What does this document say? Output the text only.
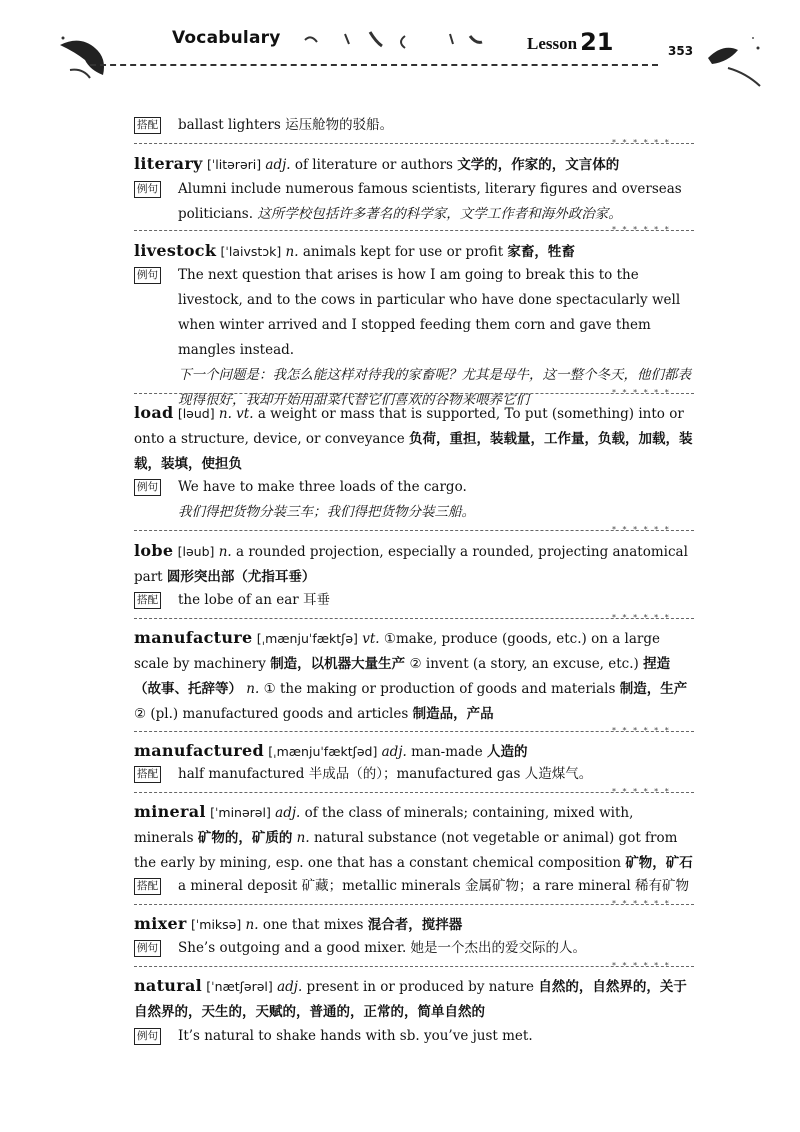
Vocabulary	Lesson 21	353
搭配	ballast lighters 运压舱物的驳船。
* * * * * *
literary [ˈlitərəri] adj. of literature or authors 文学的，作家的，文言体的
例句	Alumni include numerous famous scientists, literary figures and overseas politicians. 这所学校包括许多著名的科学家，文学工作者和海外政治家。
* * * * * *
livestock [ˈlaivstɔk] n. animals kept for use or profit 家畜，牲畜
例句 The next question that arises is how I am going to break this to the livestock, and to the cows in particular who have done spectacularly well when winter arrived and I stopped feeding them corn and gave them mangles instead.
下一个问题是：我怎么能这样对待我的家畜呢？尤其是母牛，这一整个冬天，他们都表现得很好，我却开始用甜菜代替它们喜欢的谷物来喂养它们	* * * * * *
load [ləud] n. vt. a weight or mass that is supported, To put (something) into or onto a structure, device, or conveyance 负荷，重担，装载量，工作量，负载，加载，装载，装填，使担负
例句 We have to make three loads of the cargo.
我们得把货物分装三车；我们得把货物分装三船。
* * * * * *
lobe [ləub] n. a rounded projection, especially a rounded, projecting anatomical part 圆形突出部（尤指耳垂）
搭配	the lobe of an ear 耳垂
* * * * * *
manufacture [ˌmænjuˈfæktʃə] vt. ①make, produce (goods, etc.) on a large scale by machinery 制造，以机器大量生产 ② invent (a story, an excuse, etc.) 捏造（故事、托辞等） n. ① the making or production of goods and materials 制造，生产 ② (pl.) manufactured goods and articles 制造品，产品
* * * * * *
manufactured [ˌmænjuˈfæktʃəd] adj. man-made 人造的
搭配	half manufactured 半成品（的）；manufactured gas 人造煤气。
* * * * * *
mineral [ˈminərəl] adj. of the class of minerals; containing, mixed with, minerals 矿物的，矿质的 n. natural substance (not vegetable or animal) got from the early by mining, esp. one that has a constant chemical composition 矿物，矿石
搭配	a mineral deposit 矿藏；metallic minerals 金属矿物；a rare mineral 稀有矿物
* * * * * *
mixer [ˈmiksə] n. one that mixes 混合者，搅拌器
例句	She’s outgoing and a good mixer. 她是一个杰出的爱交际的人。
* * * * * *
natural [ˈnætʃərəl] adj. present in or produced by nature 自然的，自然界的，关于自然界的，天生的，天赋的，普通的，正常的，简单自然的
例句	It’s natural to shake hands with sb. you’ve just met.
